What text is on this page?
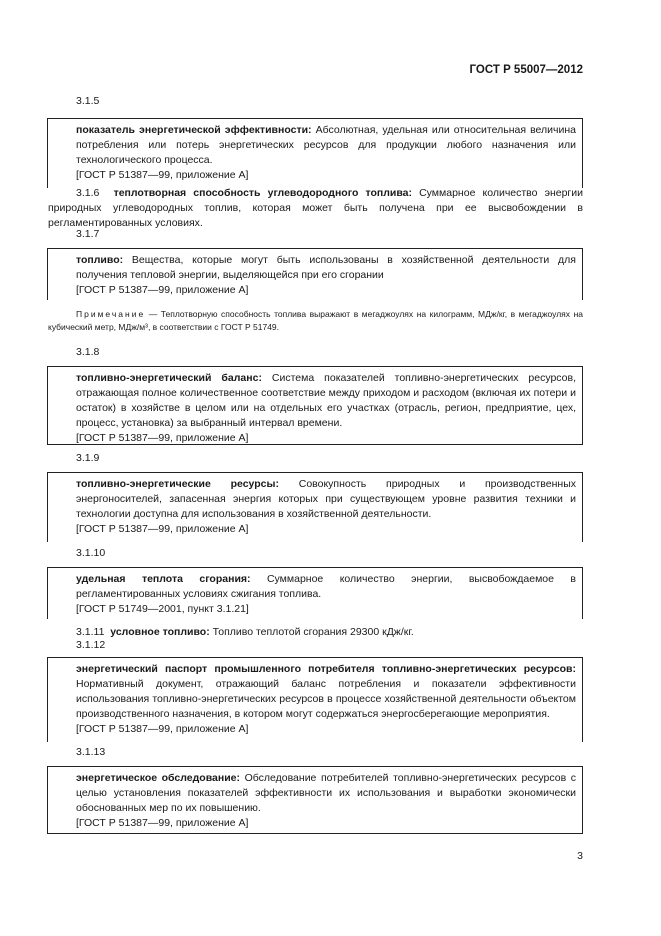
ГОСТ Р 55007—2012
3.1.5
показатель энергетической эффективности: Абсолютная, удельная или относительная величина потребления или потерь энергетических ресурсов для продукции любого назначения или технологического процесса.
[ГОСТ Р 51387—99, приложение А]
3.1.6 теплотворная способность углеводородного топлива: Суммарное количество энергии природных углеводородных топлив, которая может быть получена при ее высвобождении в регламентированных условиях.
3.1.7
топливо: Вещества, которые могут быть использованы в хозяйственной деятельности для получения тепловой энергии, выделяющейся при его сгорании
[ГОСТ Р 51387—99, приложение А]
Примечание — Теплотворную способность топлива выражают в мегаджоулях на килограмм, МДж/кг, в мегаджоулях на кубический метр, МДж/м³, в соответствии с ГОСТ Р 51749.
3.1.8
топливно-энергетический баланс: Система показателей топливно-энергетических ресурсов, отражающая полное количественное соответствие между приходом и расходом (включая их потери и остаток) в хозяйстве в целом или на отдельных его участках (отрасль, регион, предприятие, цех, процесс, установка) за выбранный интервал времени.
[ГОСТ Р 51387—99, приложение А]
3.1.9
топливно-энергетические ресурсы: Совокупность природных и производственных энергоносителей, запасенная энергия которых при существующем уровне развития техники и технологии доступна для использования в хозяйственной деятельности.
[ГОСТ Р 51387—99, приложение А]
3.1.10
удельная теплота сгорания: Суммарное количество энергии, высвобождаемое в регламентированных условиях сжигания топлива.
[ГОСТ Р 51749—2001, пункт 3.1.21]
3.1.11 условное топливо: Топливо теплотой сгорания 29300 кДж/кг.
3.1.12
энергетический паспорт промышленного потребителя топливно-энергетических ресурсов: Нормативный документ, отражающий баланс потребления и показатели эффективности использования топливно-энергетических ресурсов в процессе хозяйственной деятельности объектом производственного назначения, в котором могут содержаться энергосберегающие мероприятия.
[ГОСТ Р 51387—99, приложение А]
3.1.13
энергетическое обследование: Обследование потребителей топливно-энергетических ресурсов с целью установления показателей эффективности их использования и выработки экономически обоснованных мер по их повышению.
[ГОСТ Р 51387—99, приложение А]
3
